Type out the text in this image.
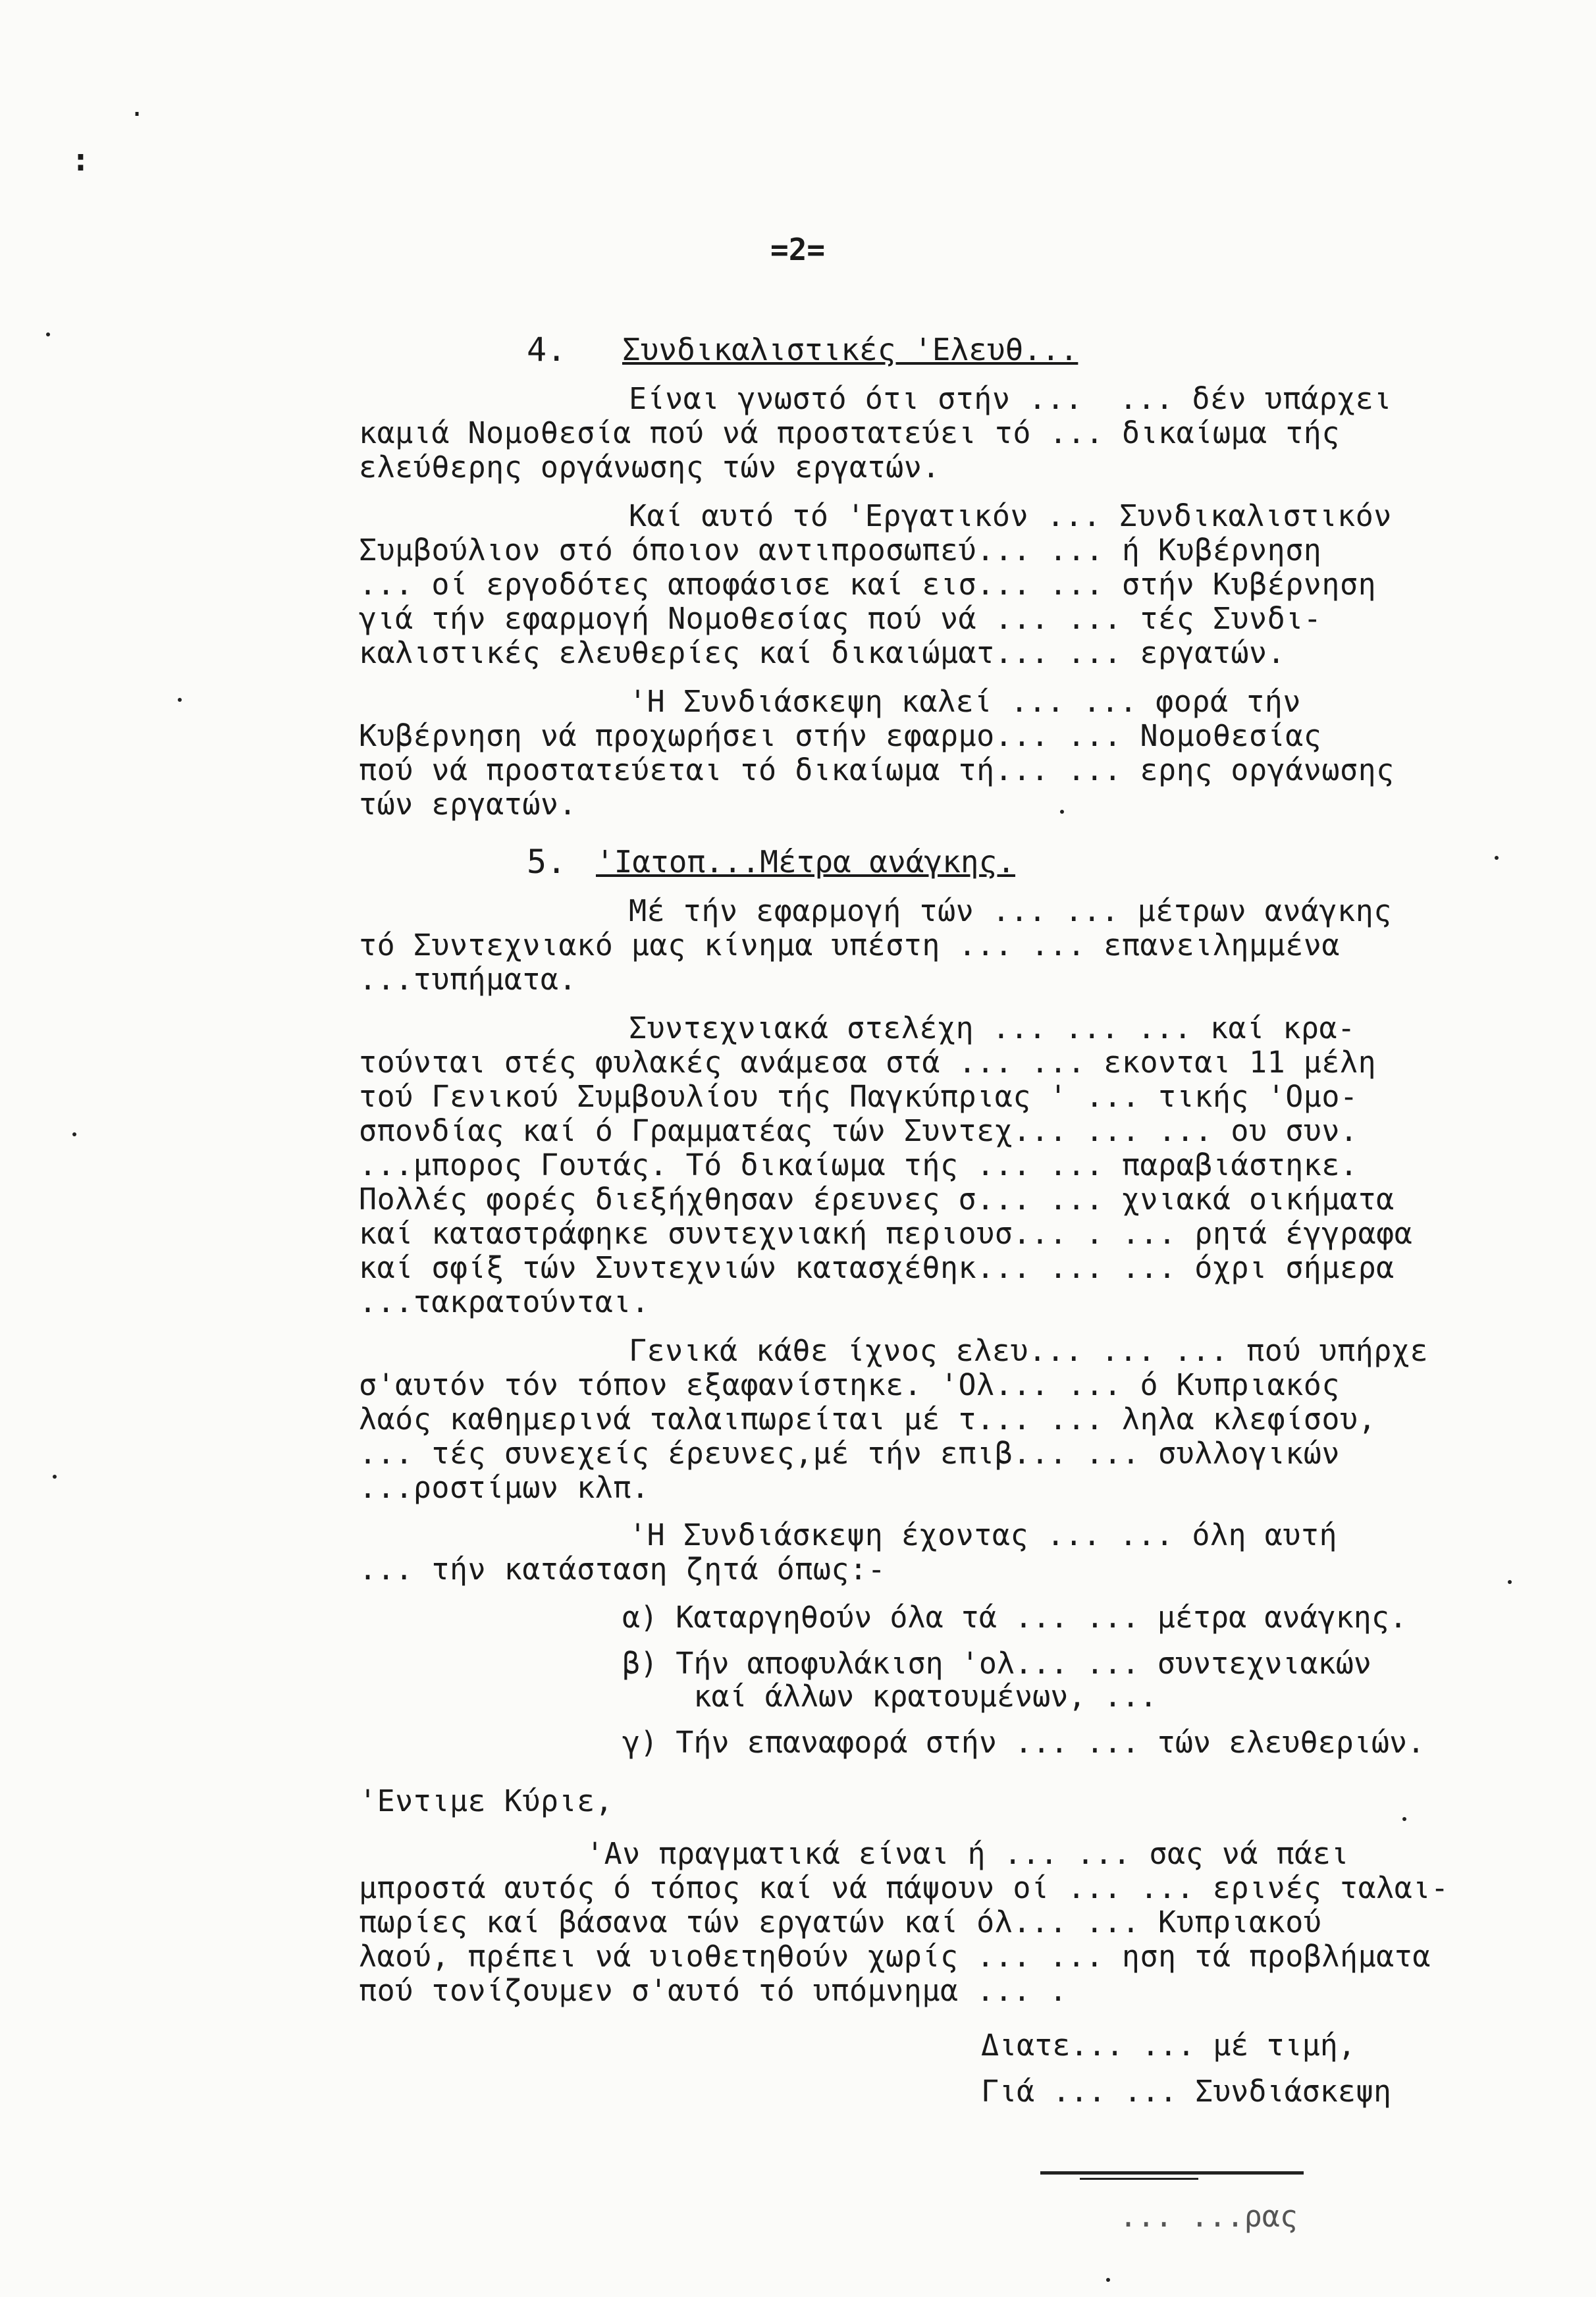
.
:
=2=
4. Συνδικαλιστικές 'Ελευθ...
Είναι γνωστό ότι στήν ...  ... δέν υπάρχει
καμιά Νομοθεσία πού νά προστατεύει τό ... δικαίωμα τής
ελεύθερης οργάνωσης τών εργατών.
Καί αυτό τό 'Εργατικόν ... Συνδικαλιστικόν
Συμβούλιον στό όποιον αντιπροσωπεύ... ... ή Κυβέρνηση
... οί εργοδότες αποφάσισε καί εισ... ... στήν Κυβέρνηση
γιά τήν εφαρμογή Νομοθεσίας πού νά ... ... τές Συνδι-
καλιστικές ελευθερίες καί δικαιώματ... ... εργατών.
'Η Συνδιάσκεψη καλεί ... ... φορά τήν
Κυβέρνηση νά προχωρήσει στήν εφαρμο... ... Νομοθεσίας
πού νά προστατεύεται τό δικαίωμα τή... ... ερης οργάνωσης
τών εργατών.
5. 'Ιατοπ...Μέτρα ανάγκης.
Μέ τήν εφαρμογή τών ... ... μέτρων ανάγκης
τό Συντεχνιακό μας κίνημα υπέστη ... ... επανειλημμένα
...τυπήματα.
Συντεχνιακά στελέχη ... ... ... καί κρα-
τούνται στές φυλακές ανάμεσα στά ... ... εκονται 11 μέλη
τού Γενικού Συμβουλίου τής Παγκύπριας ' ... τικής 'Ομο-
σπονδίας καί ό Γραμματέας τών Συντεχ... ... ... ου συν.
...μπορος Γουτάς. Τό δικαίωμα τής ... ... παραβιάστηκε.
Πολλές φορές διεξήχθησαν έρευνες σ... ... χνιακά οικήματα
καί καταστράφηκε συντεχνιακή περιουσ... . ... ρητά έγγραφα
καί σφίξ τών Συντεχνιών κατασχέθηκ... ... ... όχρι σήμερα
...τακρατούνται.
Γενικά κάθε ίχνος ελευ... ... ... πού υπήρχε
σ'αυτόν τόν τόπον εξαφανίστηκε. 'Ολ... ... ό Κυπριακός
λαός καθημερινά ταλαιπωρείται μέ τ... ... ληλα κλεφίσου,
... τές συνεχείς έρευνες,μέ τήν επιβ... ... συλλογικών
...ροστίμων κλπ.
'Η Συνδιάσκεψη έχοντας ... ... όλη αυτή
... τήν κατάσταση ζητά όπως:-
α) Καταργηθούν όλα τά ... ... μέτρα ανάγκης.
β) Τήν αποφυλάκιση 'ολ... ... συντεχνιακών
καί άλλων κρατουμένων, ...
γ) Τήν επαναφορά στήν ... ... τών ελευθεριών.
'Εντιμε Κύριε,
'Αν πραγματικά είναι ή ... ... σας νά πάει
μπροστά αυτός ό τόπος καί νά πάψουν οί ... ... ερινές ταλαι-
πωρίες καί βάσανα τών εργατών καί όλ... ... Κυπριακού
λαού, πρέπει νά υιοθετηθούν χωρίς ... ... ηση τά προβλήματα
πού τονίζουμεν σ'αυτό τό υπόμνημα ... .
Διατε... ... μέ τιμή,
Γιά ... ... Συνδιάσκεψη
... ...ρας
